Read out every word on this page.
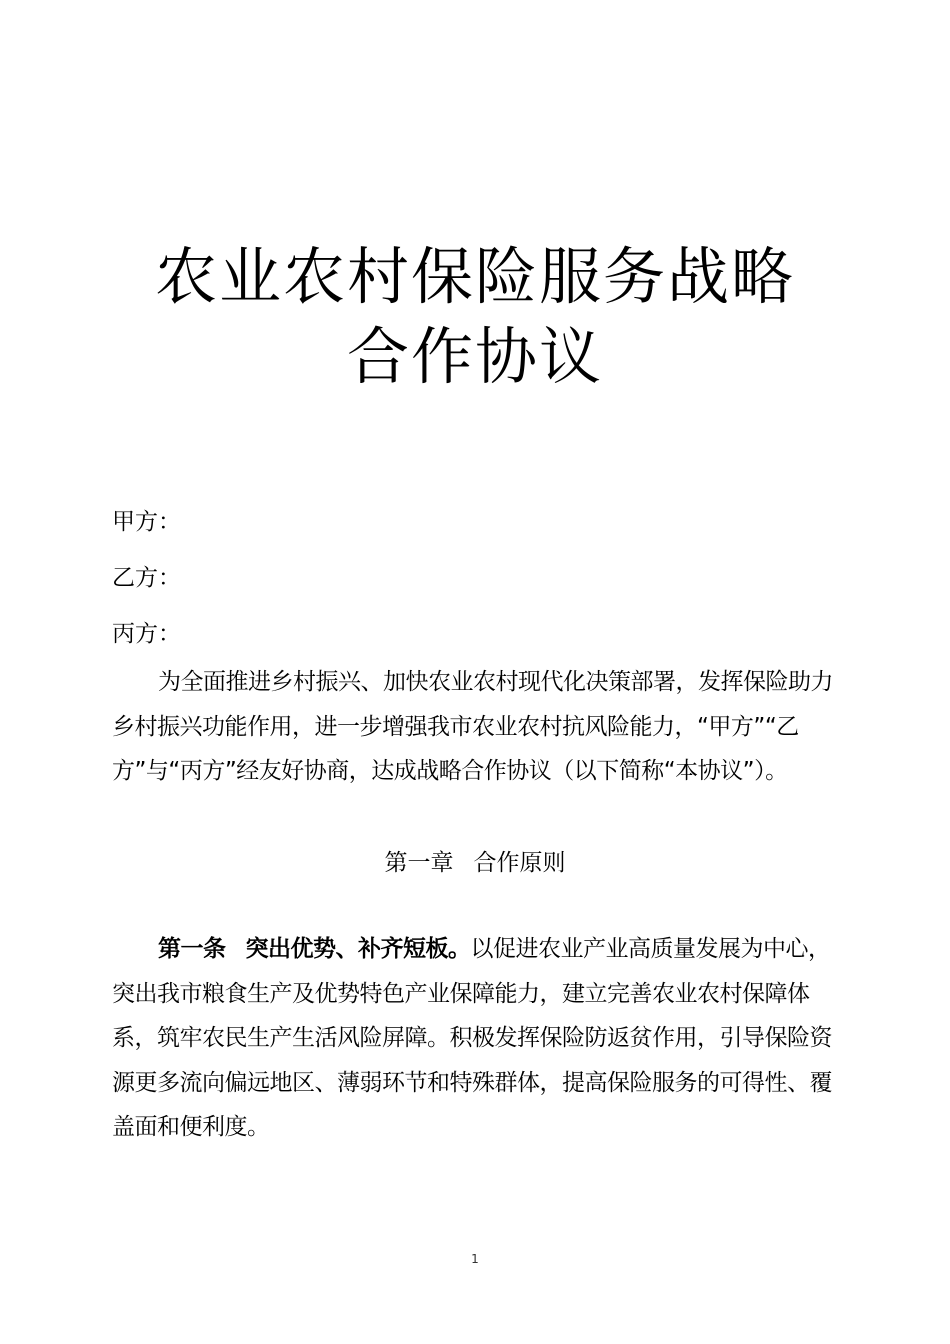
农业农村保险服务战略
合作协议
甲方：
乙方：
丙方：
为全面推进乡村振兴、加快农业农村现代化决策部署，发挥保险助力乡村振兴功能作用，进一步增强我市农业农村抗风险能力，“甲方”“乙方”与“丙方”经友好协商，达成战略合作协议（以下简称“本协议”）。
第一章 合作原则
第一条 突出优势、补齐短板。以促进农业产业高质量发展为中心，突出我市粮食生产及优势特色产业保障能力，建立完善农业农村保障体系，筑牢农民生产生活风险屏障。积极发挥保险防返贫作用，引导保险资源更多流向偏远地区、薄弱环节和特殊群体，提高保险服务的可得性、覆盖面和便利度。
1
